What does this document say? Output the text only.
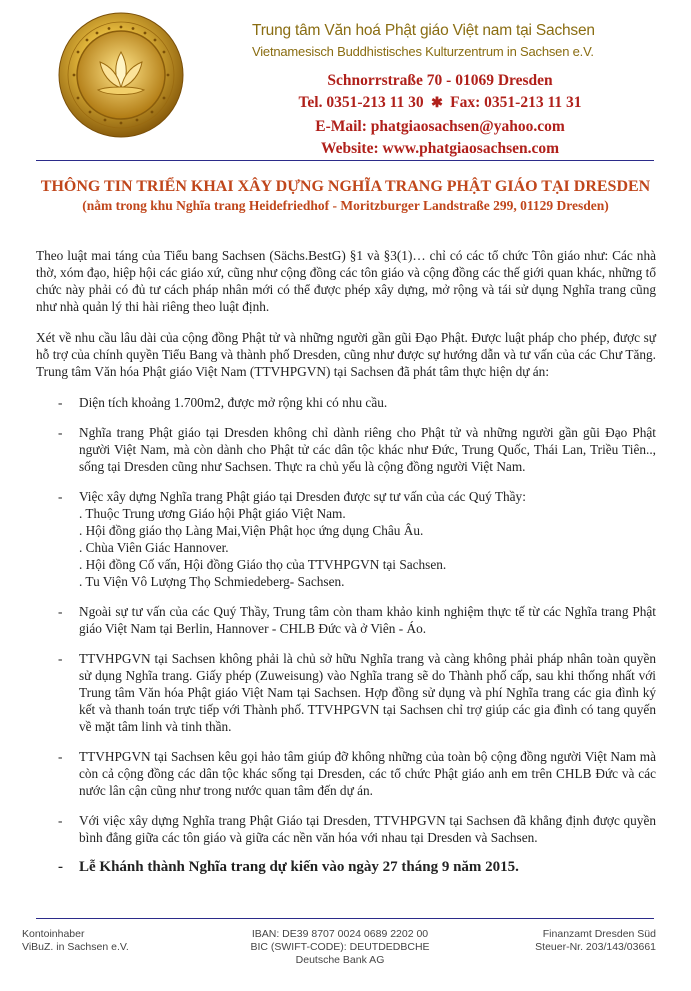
Trung tâm Văn hoá Phật giáo Việt nam tại Sachsen
Vietnamesisch Buddhistisches Kulturzentrum in Sachsen e.V.
Schnorrstraße 70 - 01069 Dresden
Tel. 0351-213 11 30  ✱  Fax: 0351-213 11 31
E-Mail: phatgiaosachsen@yahoo.com
Website: www.phatgiaosachsen.com
THÔNG TIN TRIỂN KHAI XÂY DỰNG NGHĨA TRANG PHẬT GIÁO TẠI DRESDEN
(nằm trong khu Nghĩa trang Heidefriedhof - Moritzburger Landstraße 299, 01129 Dresden)

Theo luật mai táng của Tiểu bang Sachsen (Sächs.BestG) §1 và §3(1)… chỉ có các tổ chức Tôn giáo như: Các nhà thờ, xóm đạo, hiệp hội các giáo xứ, cũng như cộng đồng các tôn giáo và cộng đồng các thế giới quan khác, những tổ chức này phải có đủ tư cách pháp nhân mới có thể được phép xây dựng, mở rộng và tái sử dụng Nghĩa trang cũng như nhà quản lý thi hài riêng theo luật định.

Xét về nhu cầu lâu dài của cộng đồng Phật tử và những người gần gũi Đạo Phật. Được luật pháp cho phép, được sự hỗ trợ của chính quyền Tiểu Bang và thành phố Dresden, cũng như được sự hướng dẫn và tư vấn của các Chư Tăng. Trung tâm Văn hóa Phật giáo Việt Nam (TTVHPGVN) tại Sachsen đã phát tâm thực hiện dự án:

- Diện tích khoảng 1.700m2, được mở rộng khi có nhu cầu.
- Nghĩa trang Phật giáo tại Dresden không chỉ dành riêng cho Phật tử và những người gần gũi Đạo Phật người Việt Nam, mà còn dành cho Phật tử các dân tộc khác như Đức, Trung Quốc, Thái Lan, Triều Tiên.., sống tại Dresden cũng như Sachsen. Thực ra chủ yếu là cộng đồng người Việt Nam.
- Việc xây dựng Nghĩa trang Phật giáo tại Dresden được sự tư vấn của các Quý Thầy:
. Thuộc Trung ương Giáo hội Phật giáo Việt Nam.
. Hội đồng giáo thọ Làng Mai,Viện Phật học ứng dụng Châu Âu.
. Chùa Viên Giác Hannover.
. Hội đồng Cố vấn, Hội đồng Giáo thọ của TTVHPGVN tại Sachsen.
. Tu Viện Vô Lượng Thọ Schmiedeberg- Sachsen.
- Ngoài sự tư vấn của các Quý Thầy, Trung tâm còn tham khảo kinh nghiệm thực tế từ các Nghĩa trang Phật giáo Việt Nam tại Berlin, Hannover - CHLB Đức và ở Viên - Áo.
- TTVHPGVN tại Sachsen không phải là chủ sở hữu Nghĩa trang và càng không phải pháp nhân toàn quyền sử dụng Nghĩa trang. Giấy phép (Zuweisung) vào Nghĩa trang sẽ do Thành phố cấp, sau khi thống nhất với Trung tâm Văn hóa Phật giáo Việt Nam tại Sachsen. Hợp đồng sử dụng và phí Nghĩa trang các gia đình ký kết và thanh toán trực tiếp với Thành phố. TTVHPGVN tại Sachsen chỉ trợ giúp các gia đình có tang quyến về mặt tâm linh và tinh thần.
- TTVHPGVN tại Sachsen kêu gọi hảo tâm giúp đỡ không những của toàn bộ cộng đồng người Việt Nam mà còn cả cộng đồng các dân tộc khác sống tại Dresden, các tổ chức Phật giáo anh em trên CHLB Đức và các nước lân cận cũng như trong nước quan tâm đến dự án.
- Với việc xây dựng Nghĩa trang Phật Giáo tại Dresden, TTVHPGVN tại Sachsen đã khẳng định được quyền bình đẳng giữa các tôn giáo và giữa các nền văn hóa với nhau tại Dresden và Sachsen.
- Lễ Khánh thành Nghĩa trang dự kiến vào ngày 27 tháng 9 năm 2015.
Kontoinhaber
ViBuZ. in Sachsen e.V.
IBAN: DE39 8707 0024 0689 2202 00
BIC (SWIFT-CODE): DEUTDEDBCHE
Deutsche Bank AG
Finanzamt Dresden Süd
Steuer-Nr. 203/143/03661
